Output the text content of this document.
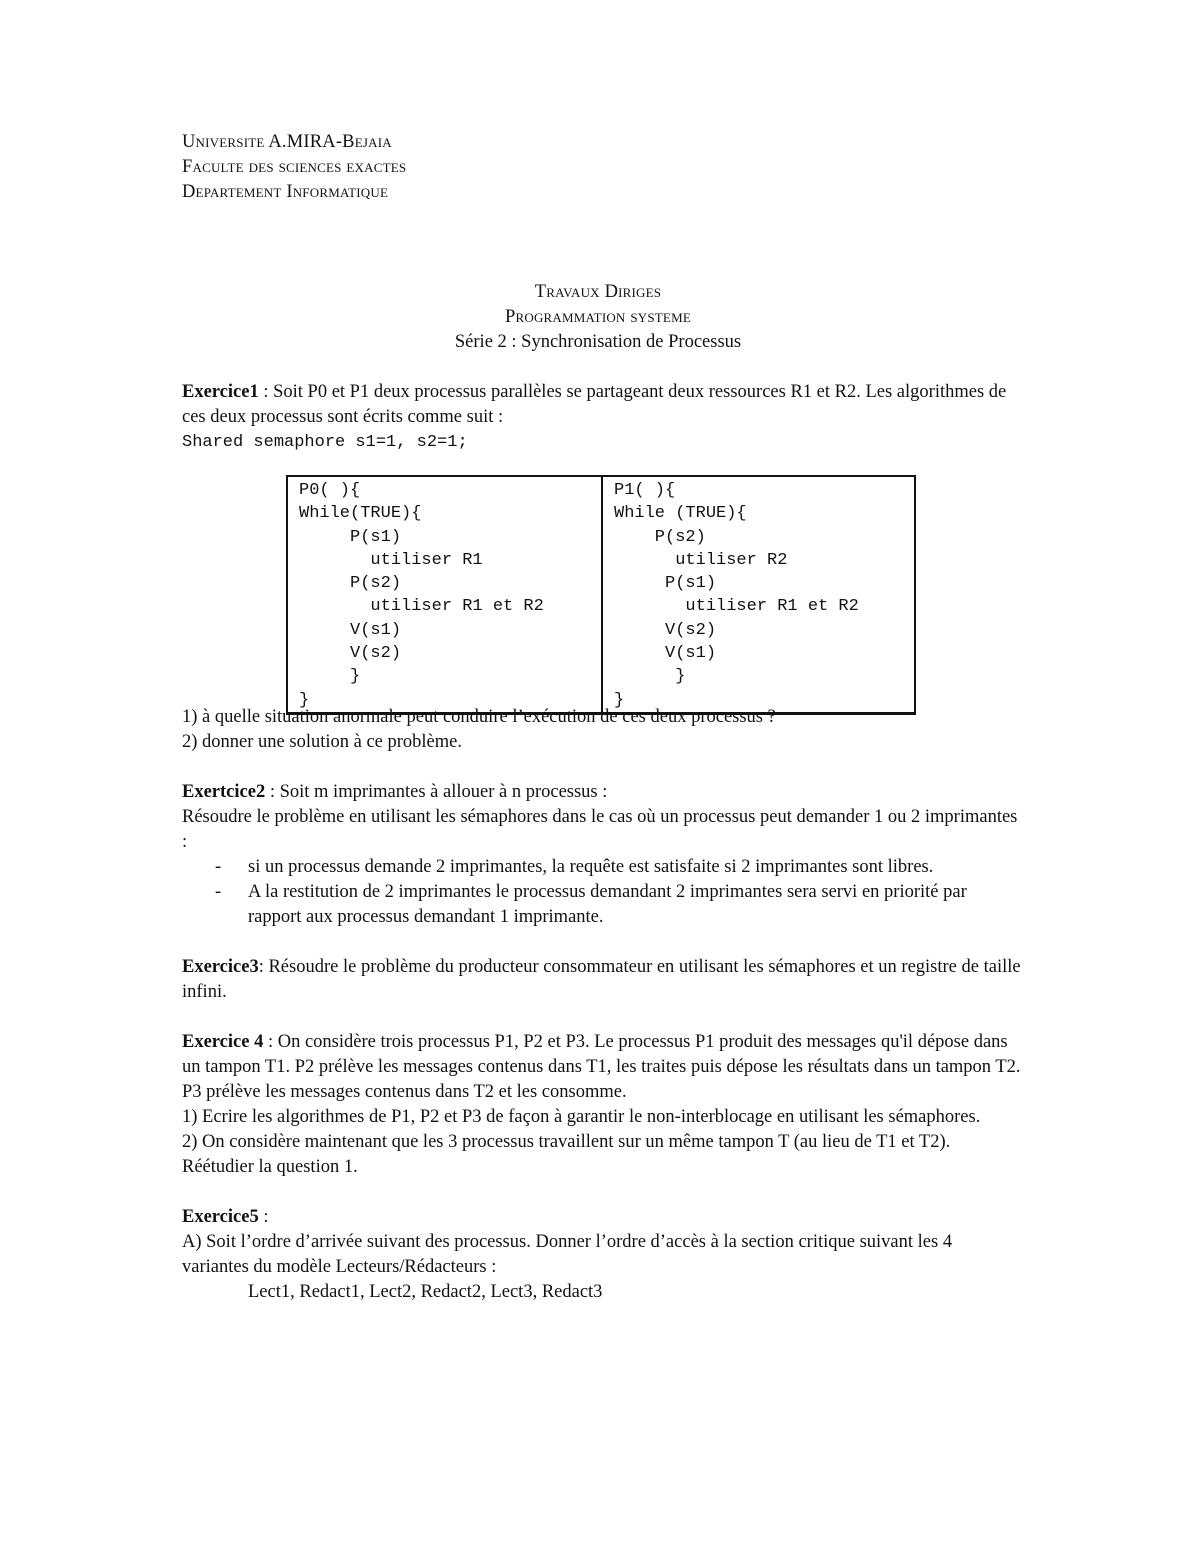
Universite A.MIRA-Bejaia
Faculte des sciences exactes
Departement Informatique
Travaux Diriges
Programmation systeme
Série 2 : Synchronisation de Processus

Exercice1 : Soit P0 et P1 deux processus parallèles se partageant deux ressources R1 et R2. Les algorithmes de ces deux processus sont écrits comme suit :

Shared semaphore s1=1, s2=1;

1) à quelle situation anormale peut conduire l’exécution de ces deux processus ?

2) donner une solution à ce problème.

Exertcice2 : Soit m imprimantes à allouer à n processus :

Résoudre le problème en utilisant les sémaphores dans le cas où un processus peut demander 1 ou 2 imprimantes :

- si un processus demande 2 imprimantes, la requête est satisfaite si 2 imprimantes sont libres.
- A la restitution de 2 imprimantes le processus demandant 2 imprimantes sera servi en priorité par rapport aux processus demandant 1 imprimante.

Exercice3: Résoudre le problème du producteur consommateur en utilisant les sémaphores et un registre de taille infini.

Exercice 4 : On considère trois processus P1, P2 et P3. Le processus P1 produit des messages qu'il dépose dans un tampon T1. P2 prélève les messages contenus dans T1, les traites puis dépose les résultats dans un tampon T2. P3 prélève les messages contenus dans T2 et les consomme.

1) Ecrire les algorithmes de P1, P2 et P3 de façon à garantir le non-interblocage en utilisant les sémaphores.

2) On considère maintenant que les 3 processus travaillent sur un même tampon T (au lieu de T1 et T2). Réétudier la question 1.

Exercice5 :

A) Soit l’ordre d’arrivée suivant des processus. Donner l’ordre d’accès à la section critique suivant les 4 variantes du modèle Lecteurs/Rédacteurs :

Lect1, Redact1, Lect2, Redact2, Lect3, Redact3

P0( ){
While(TRUE){
P(s1)
utiliser R1
P(s2)
utiliser R1 et R2
V(s1)
V(s2)
}
}
P1( ){
While (TRUE){
P(s2)
utiliser R2
P(s1)
utiliser R1 et R2
V(s2)
V(s1)
}
}
